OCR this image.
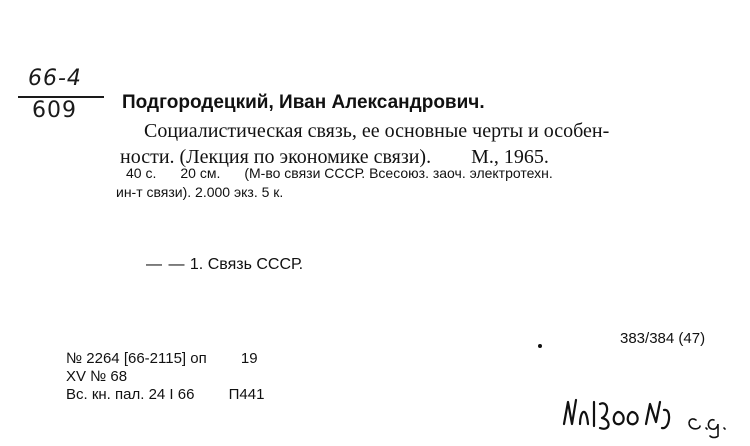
66-4
609 Подгородецкий, Иван Александрович.
Социалистическая связь, ее основные черты и особен-
ности. (Лекция по экономике связи). М., 1965.
40 с. 20 см. (М-во связи СССР. Всесоюз. заоч. электротехн.
ин-т связи). 2.000 экз. 5 к.
— — 1. Связь СССР.
383/384 (47)
№ 2264 [66-2115] оп 19
XV № 68
Вс. кн. пал. 24 I 66 П441
